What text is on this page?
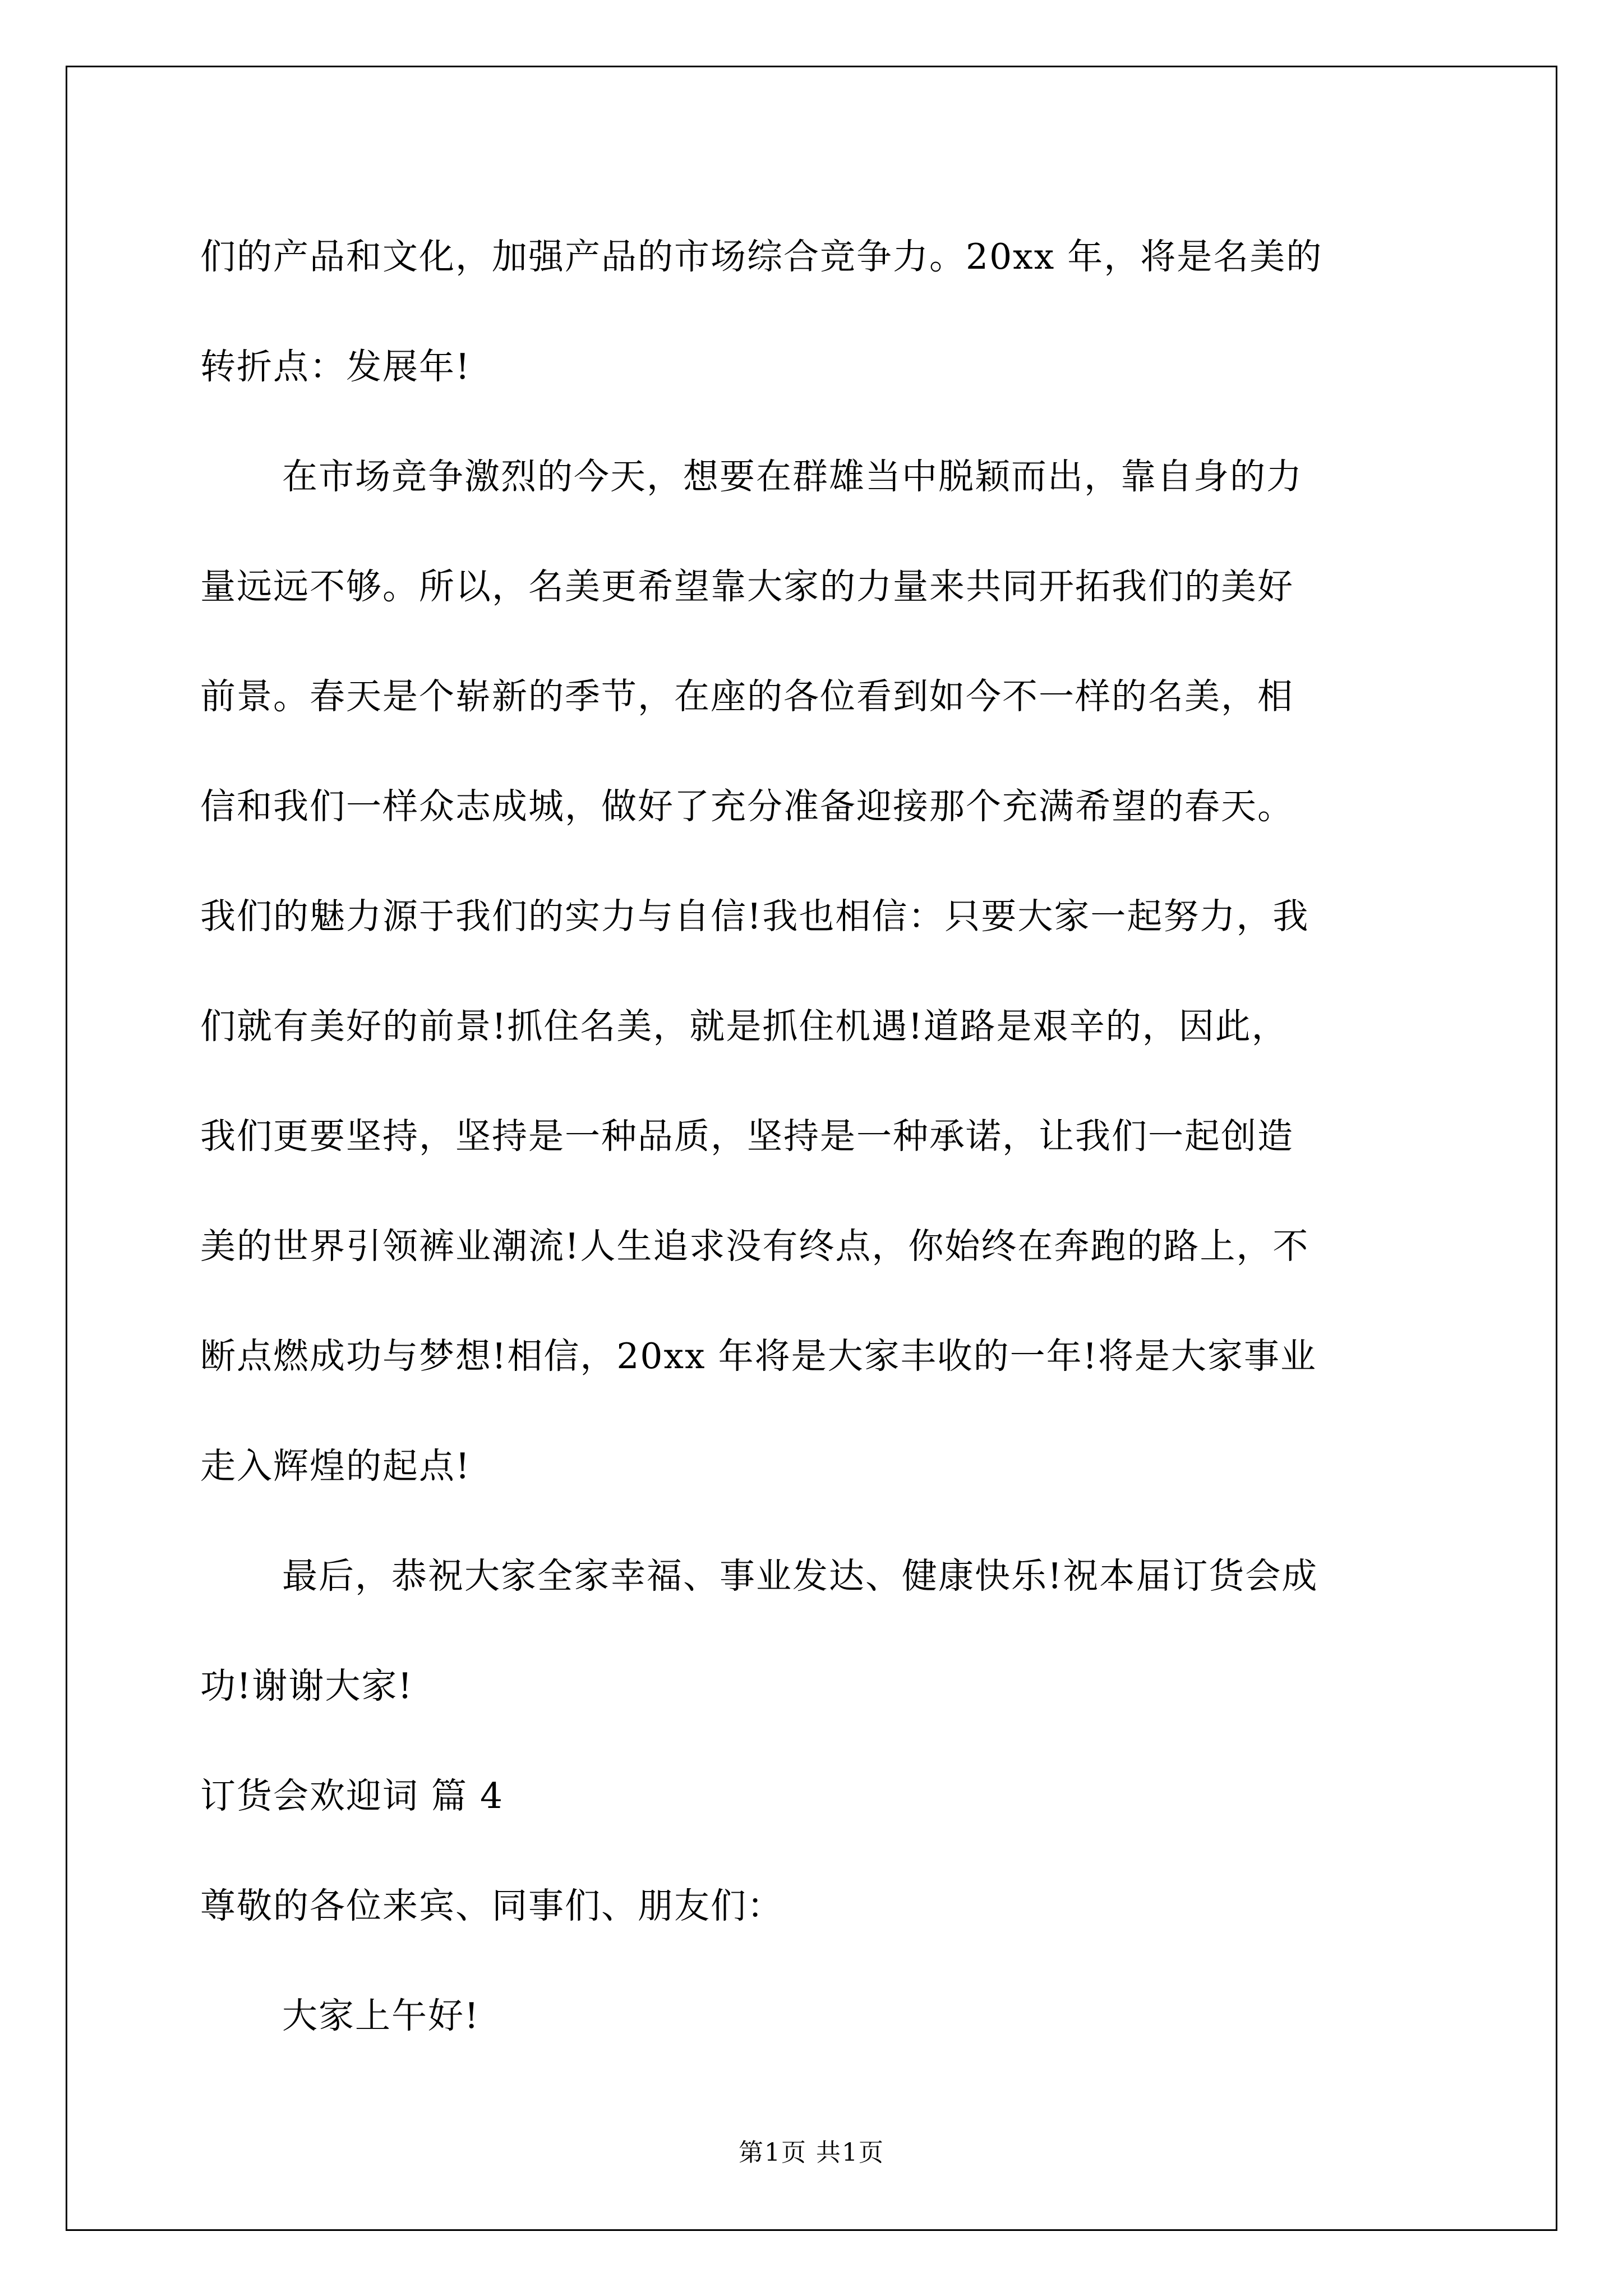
们的产品和文化，加强产品的市场综合竞争力。20xx 年，将是名美的
转折点：发展年!
在市场竞争激烈的今天，想要在群雄当中脱颖而出，靠自身的力
量远远不够。所以，名美更希望靠大家的力量来共同开拓我们的美好
前景。春天是个崭新的季节，在座的各位看到如今不一样的名美，相
信和我们一样众志成城，做好了充分准备迎接那个充满希望的春天。
我们的魅力源于我们的实力与自信!我也相信：只要大家一起努力，我
们就有美好的前景!抓住名美，就是抓住机遇!道路是艰辛的，因此，
我们更要坚持，坚持是一种品质，坚持是一种承诺，让我们一起创造
美的世界引领裤业潮流!人生追求没有终点，你始终在奔跑的路上，不
断点燃成功与梦想!相信，20xx 年将是大家丰收的一年!将是大家事业
走入辉煌的起点!
最后，恭祝大家全家幸福、事业发达、健康快乐!祝本届订货会成
功!谢谢大家!
订货会欢迎词 篇 4
尊敬的各位来宾、同事们、朋友们：
大家上午好!
第1页 共1页
